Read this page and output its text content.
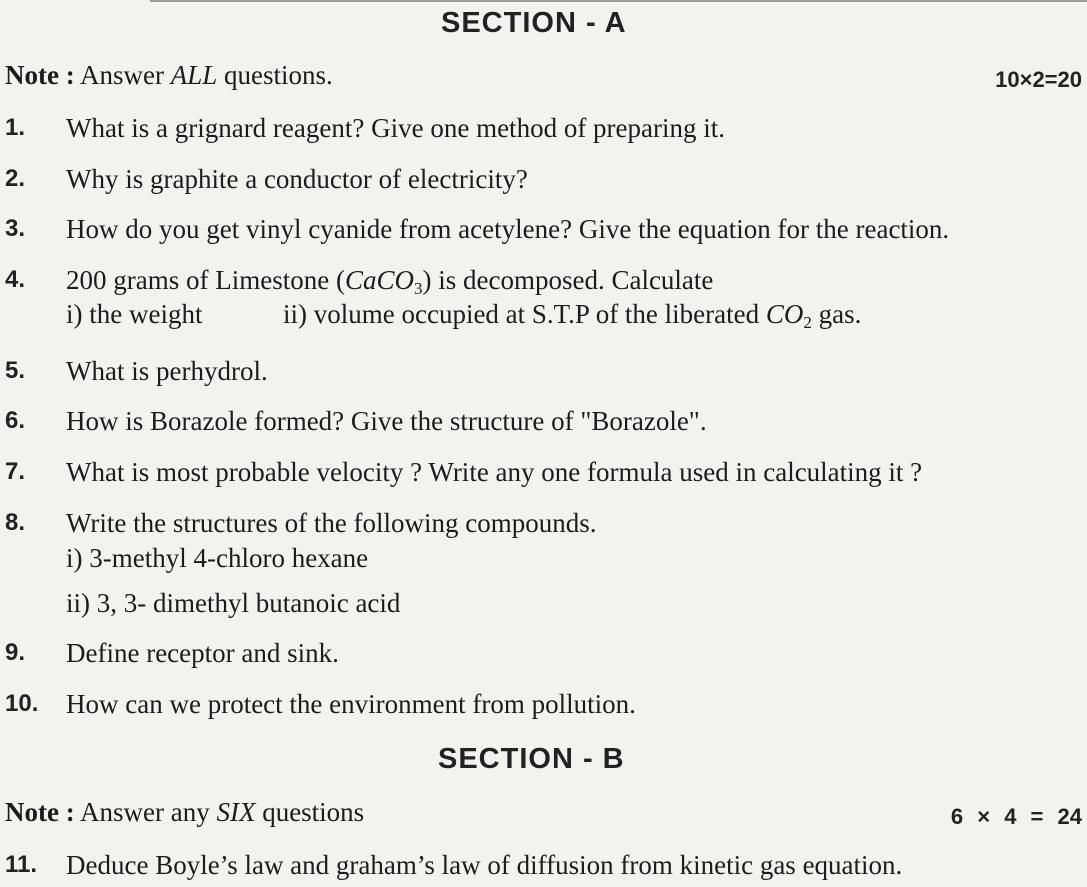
SECTION - A
Note : Answer ALL questions.	10×2=20
1. What is a grignard reagent? Give one method of preparing it.
2. Why is graphite a conductor of electricity?
3. How do you get vinyl cyanide from acetylene? Give the equation for the reaction.
4. 200 grams of Limestone (CaCO$_3$) is decomposed. Calculate
i) the weight	ii) volume occupied at S.T.P of the liberated $CO_2$ gas.
5. What is perhydrol.
6. How is Borazole formed? Give the structure of "Borazole".
7. What is most probable velocity ? Write any one formula used in calculating it ?
8. Write the structures of the following compounds.
i) 3-methyl 4-chloro hexane
ii) 3, 3- dimethyl butanoic acid
9. Define receptor and sink.
10. How can we protect the environment from pollution.
SECTION - B
Note : Answer any SIX questions	6 × 4 = 24
11. Deduce Boyle’s law and graham’s law of diffusion from kinetic gas equation.
